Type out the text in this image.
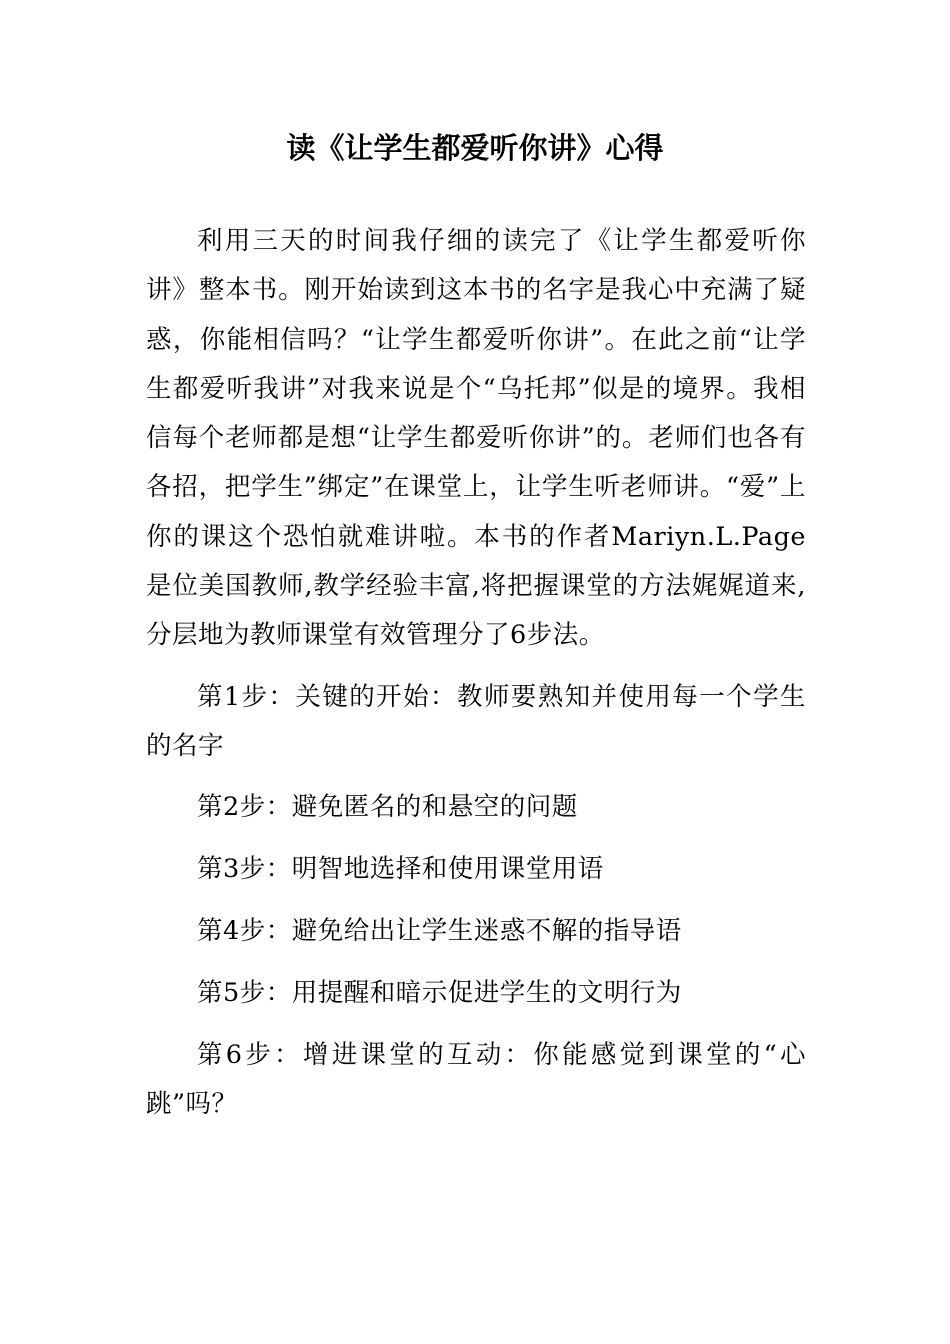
读《让学生都爱听你讲》心得

利用三天的时间我仔细的读完了《让学生都爱听你讲》整本书。刚开始读到这本书的名字是我心中充满了疑惑，你能相信吗？“让学生都爱听你讲”。在此之前“让学生都爱听我讲”对我来说是个“乌托邦”似是的境界。我相信每个老师都是想“让学生都爱听你讲”的。老师们也各有各招，把学生”绑定”在课堂上，让学生听老师讲。“爱”上你的课这个恐怕就难讲啦。本书的作者Mariyn.L.Page是位美国教师,教学经验丰富,将把握课堂的方法娓娓道来,分层地为教师课堂有效管理分了6步法。

第1步：关键的开始：教师要熟知并使用每一个学生的名字

第2步：避免匿名的和悬空的问题

第3步：明智地选择和使用课堂用语

第4步：避免给出让学生迷惑不解的指导语

第5步：用提醒和暗示促进学生的文明行为

第6步：增进课堂的互动：你能感觉到课堂的“心跳”吗？
